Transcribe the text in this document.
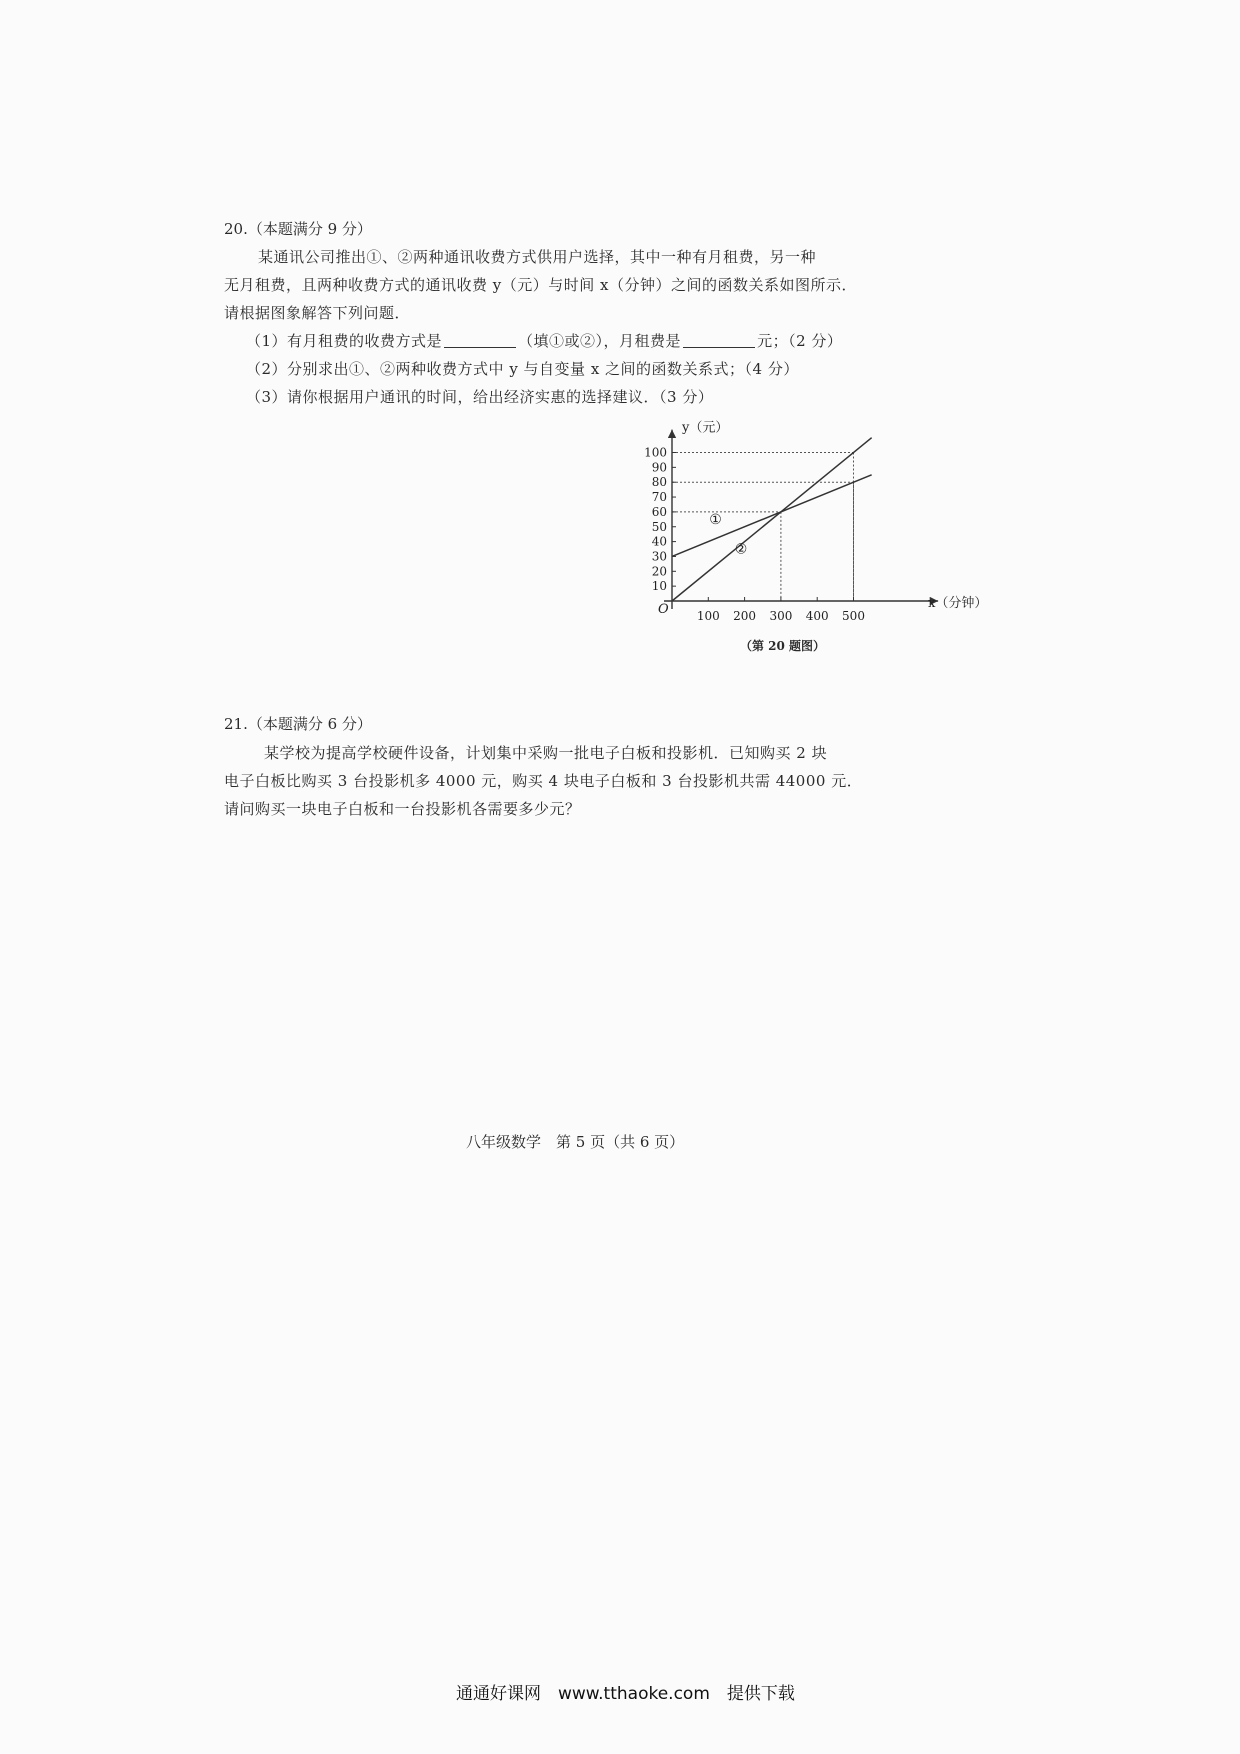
20.（本题满分 9 分）
某通讯公司推出①、②两种通讯收费方式供用户选择，其中一种有月租费，另一种
无月租费，且两种收费方式的通讯收费 y（元）与时间 x（分钟）之间的函数关系如图所示．
请根据图象解答下列问题．
（1）有月租费的收费方式是	（填①或②），月租费是	元；（2 分）
（2）分别求出①、②两种收费方式中 y 与自变量 x 之间的函数关系式；（4 分）
（3）请你根据用户通讯的时间，给出经济实惠的选择建议．（3 分）
100 200 300 400 500
10
20
30
40
50
60
70
80
90
100
①
②
y（元）
x（分钟）
O
（第 20 题图）
21.（本题满分 6 分）
某学校为提高学校硬件设备，计划集中采购一批电子白板和投影机．已知购买 2 块
电子白板比购买 3 台投影机多 4000 元，购买 4 块电子白板和 3 台投影机共需 44000 元．
请问购买一块电子白板和一台投影机各需要多少元？
八年级数学　第 5 页（共 6 页）
通通好课网　www.tthaoke.com　提供下载
